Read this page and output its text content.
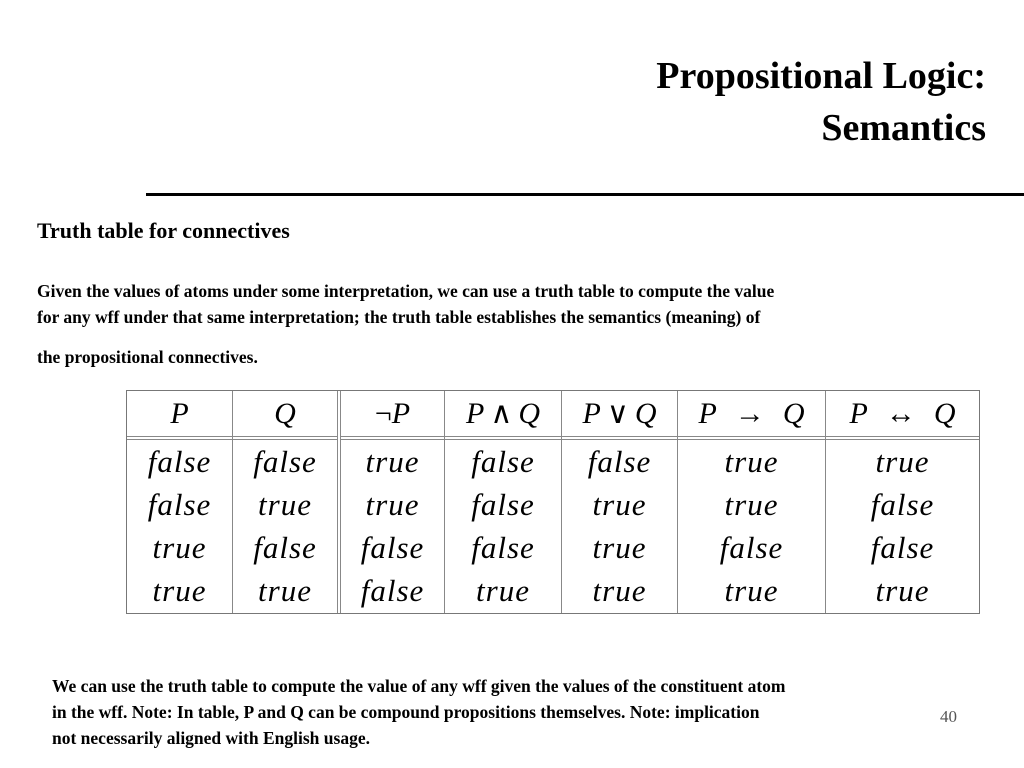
Propositional Logic:
Semantics
Truth table for connectives
Given the values of atoms under some interpretation, we can use a truth table to compute the value
for any wff under that same interpretation; the truth table establishes the semantics (meaning) of
the propositional connectives.
P
false
false
true
true
Q
false
true
false
true
¬ P
true
true
false
false
P ∧ Q
false
false
false
true
P ∨ Q
false
true
true
true
P → Q
true
true
false
true
P ↔ Q
true
false
false
true
40
We can use the truth table to compute the value of any wff given the values of the constituent atom
in the wff. Note: In table, P and Q can be compound propositions themselves. Note: implication
not necessarily aligned with English usage.
